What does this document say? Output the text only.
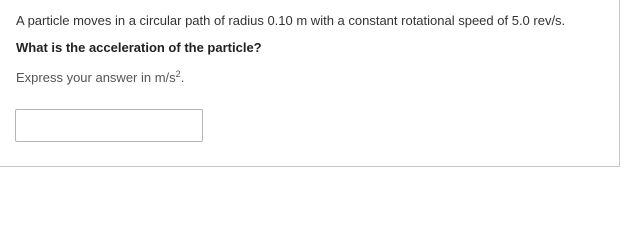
A particle moves in a circular path of radius 0.10 m with a constant rotational speed of 5.0 rev/s.
What is the acceleration of the particle?
Express your answer in $m/s^2$.
